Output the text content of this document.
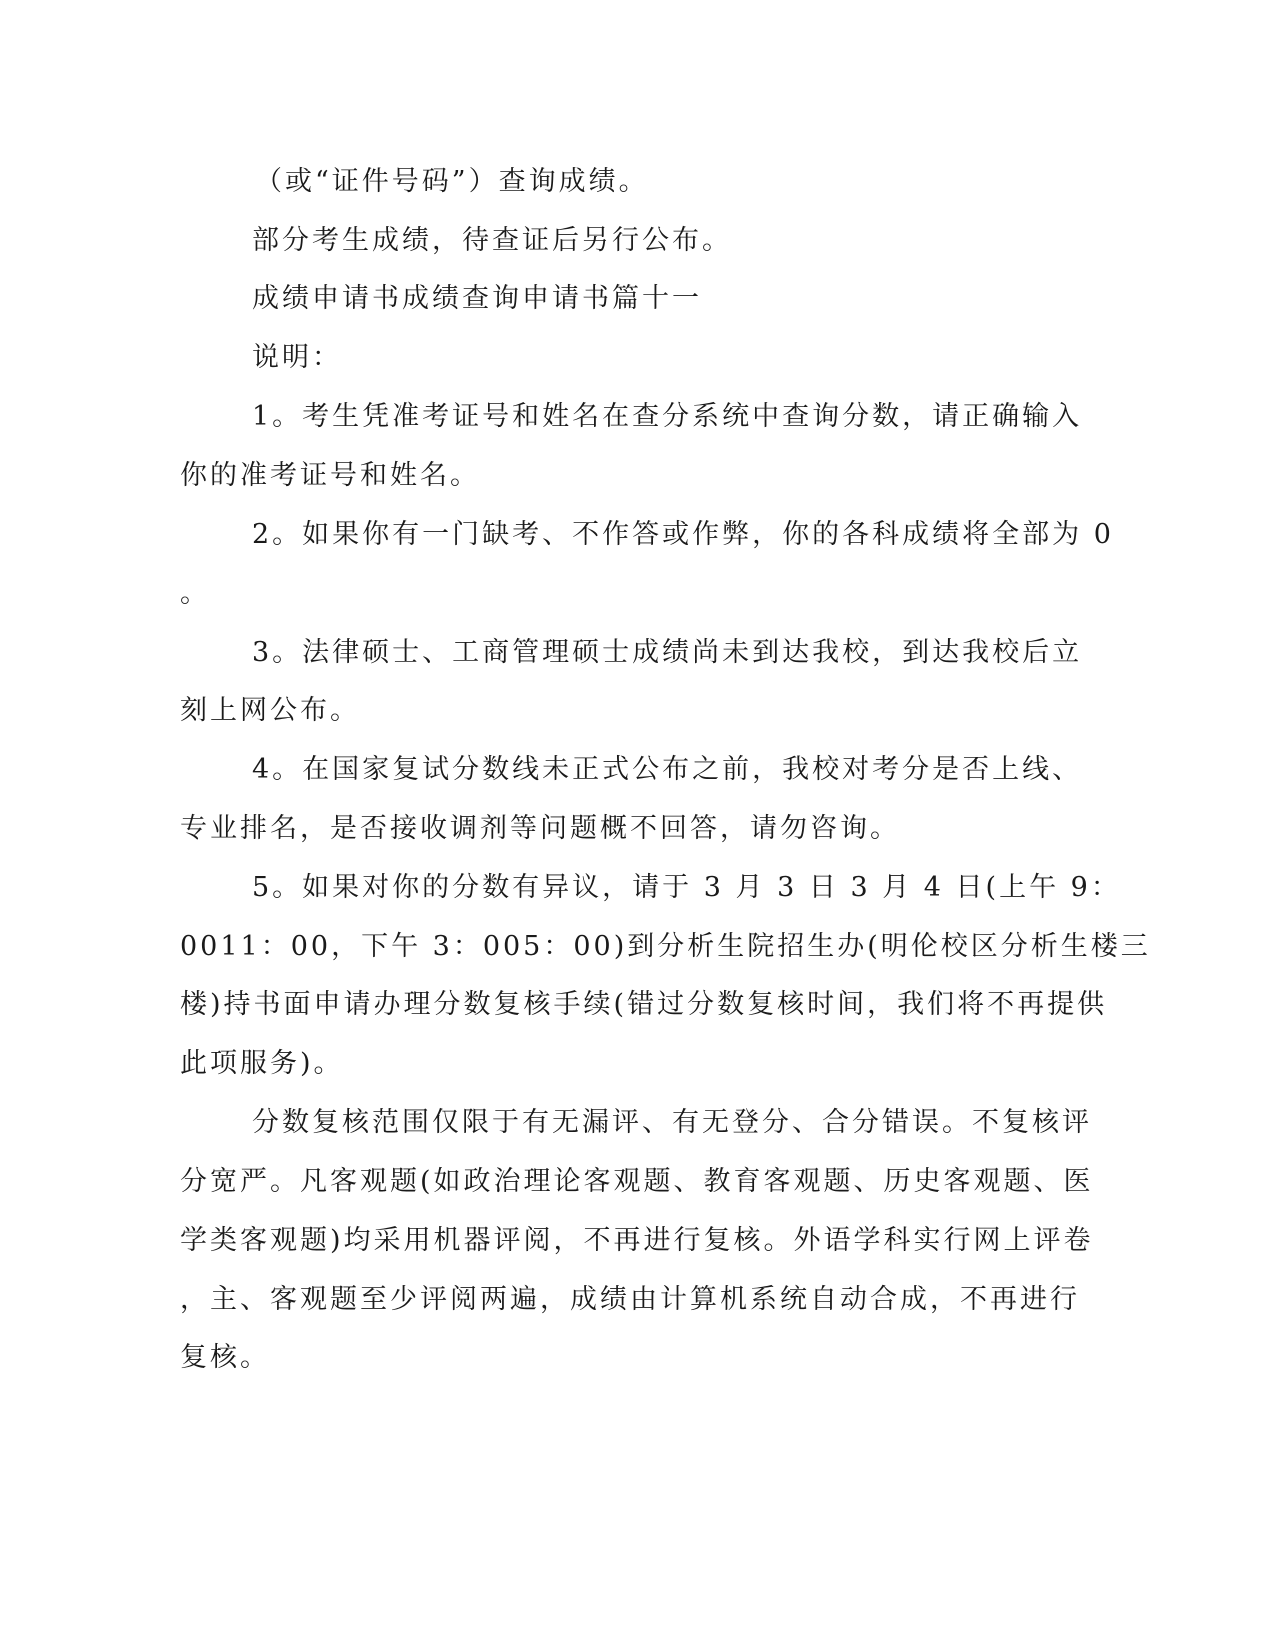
（或“证件号码”）查询成绩。
部分考生成绩，待查证后另行公布。
成绩申请书成绩查询申请书篇十一
说明：
1。考生凭准考证号和姓名在查分系统中查询分数，请正确输入
你的准考证号和姓名。
2。如果你有一门缺考、不作答或作弊，你的各科成绩将全部为 0
。
3。法律硕士、工商管理硕士成绩尚未到达我校，到达我校后立
刻上网公布。
4。在国家复试分数线未正式公布之前，我校对考分是否上线、
专业排名，是否接收调剂等问题概不回答，请勿咨询。
5。如果对你的分数有异议，请于 3 月 3 日 3 月 4 日(上午 9：
0011：00，下午 3：005：00)到分析生院招生办(明伦校区分析生楼三
楼)持书面申请办理分数复核手续(错过分数复核时间，我们将不再提供
此项服务)。
分数复核范围仅限于有无漏评、有无登分、合分错误。不复核评
分宽严。凡客观题(如政治理论客观题、教育客观题、历史客观题、医
学类客观题)均采用机器评阅，不再进行复核。外语学科实行网上评卷
，主、客观题至少评阅两遍，成绩由计算机系统自动合成，不再进行
复核。
